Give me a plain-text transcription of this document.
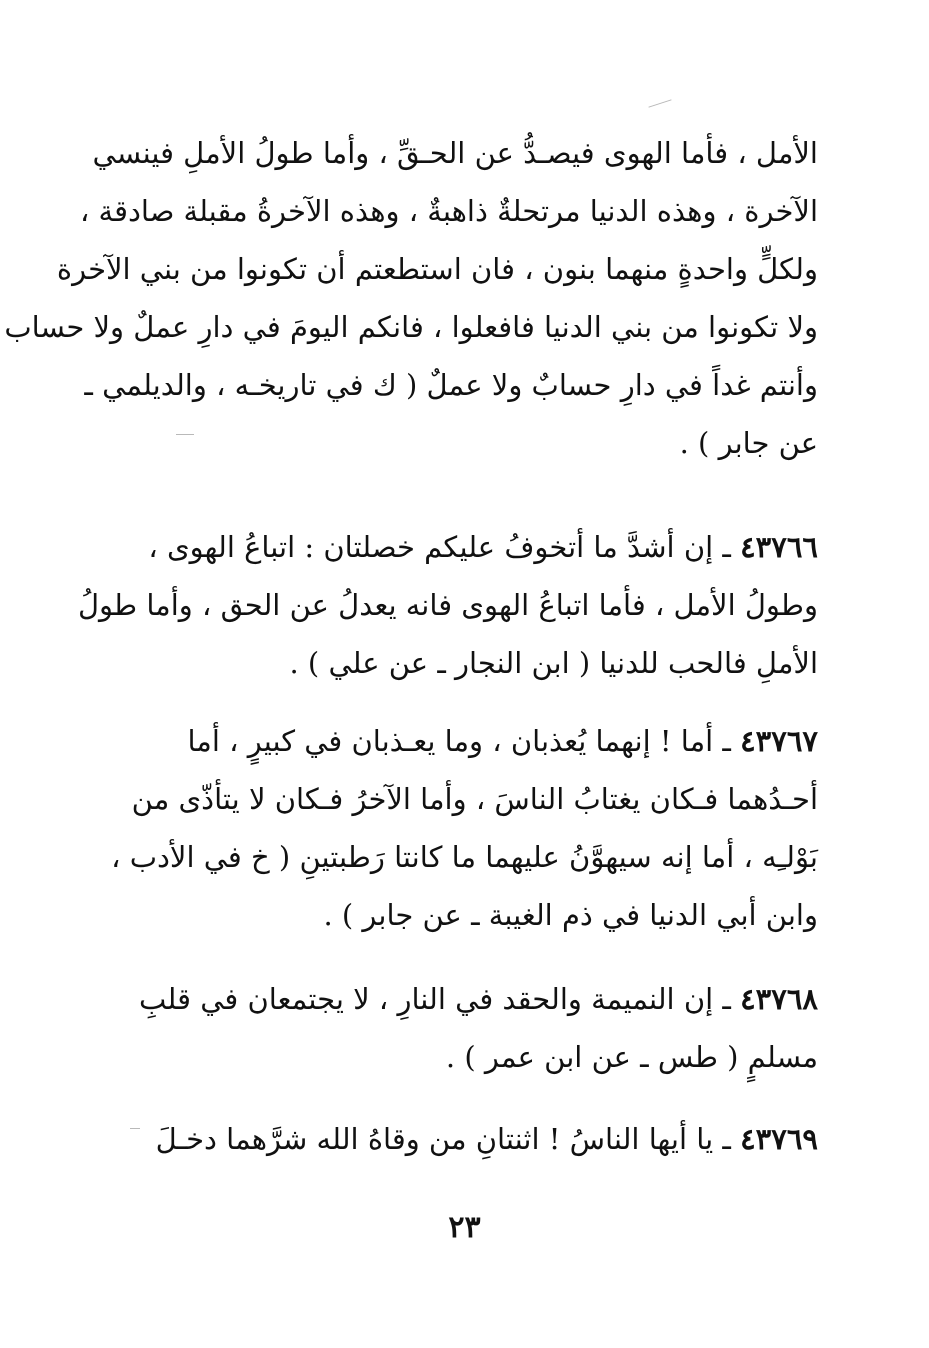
الأمل ، فأما الهوى فيصـدُّ عن الحـقِّ ، وأما طولُ الأملِ فينسي
الآخرة ، وهذه الدنيا مرتحلةٌ ذاهبةٌ ، وهذه الآخرةُ مقبلة صادقة ،
ولكلٍّ واحدةٍ منهما بنون ، فان استطعتم أن تكونوا من بني الآخرة
ولا تكونوا من بني الدنيا فافعلوا ، فانكم اليومَ في دارِ عملٌ ولا حساب
وأنتم غداً في دارِ حسابٌ ولا عملٌ ( ك في تاريخـه ، والديلمي ـ
عن جابر ) .
٤٣٧٦٦ ـ إن أشدَّ ما أتخوفُ عليكم خصلتان : اتباعُ الهوى ،
وطولُ الأمل ، فأما اتباعُ الهوى فانه يعدلُ عن الحق ، وأما طولُ
الأملِ فالحب للدنيا ( ابن النجار ـ عن علي ) .
٤٣٧٦٧ ـ أما ! إنهما يُعذبان ، وما يعـذبان في كبيرٍ ، أما
أحـدُهما فـكان يغتابُ الناسَ ، وأما الآخرُ فـكان لا يتأذّى من
بَوْلـِه ، أما إنه سيهوَّنُ عليهما ما كانتا رَطبتينِ ( خ في الأدب ،
وابن أبي الدنيا في ذم الغيبة ـ عن جابر ) .
٤٣٧٦٨ ـ إن النميمة والحقد في النارِ ، لا يجتمعان في قلبِ
مسلمٍ ( طس ـ عن ابن عمر ) .
٤٣٧٦٩ ـ يا أيها الناسُ ! اثنتانِ من وقاهُ الله شرَّهما دخـلَ
٢٣
